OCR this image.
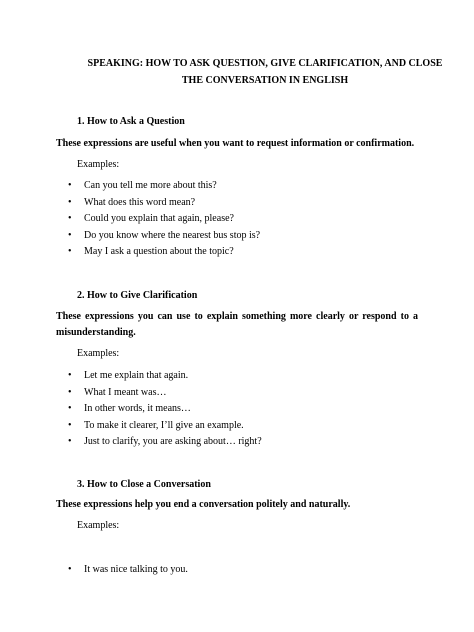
SPEAKING: HOW TO ASK QUESTION, GIVE CLARIFICATION, AND CLOSE
THE CONVERSATION IN ENGLISH
1. How to Ask a Question
These expressions are useful when you want to request information or confirmation.
Examples:
• Can you tell me more about this?
• What does this word mean?
• Could you explain that again, please?
• Do you know where the nearest bus stop is?
• May I ask a question about the topic?
2. How to Give Clarification
These expressions you can use to explain something more clearly or respond to a
misunderstanding.
Examples:
• Let me explain that again.
• What I meant was…
• In other words, it means…
• To make it clearer, I’ll give an example.
• Just to clarify, you are asking about… right?
3. How to Close a Conversation
These expressions help you end a conversation politely and naturally.
Examples:
• It was nice talking to you.
